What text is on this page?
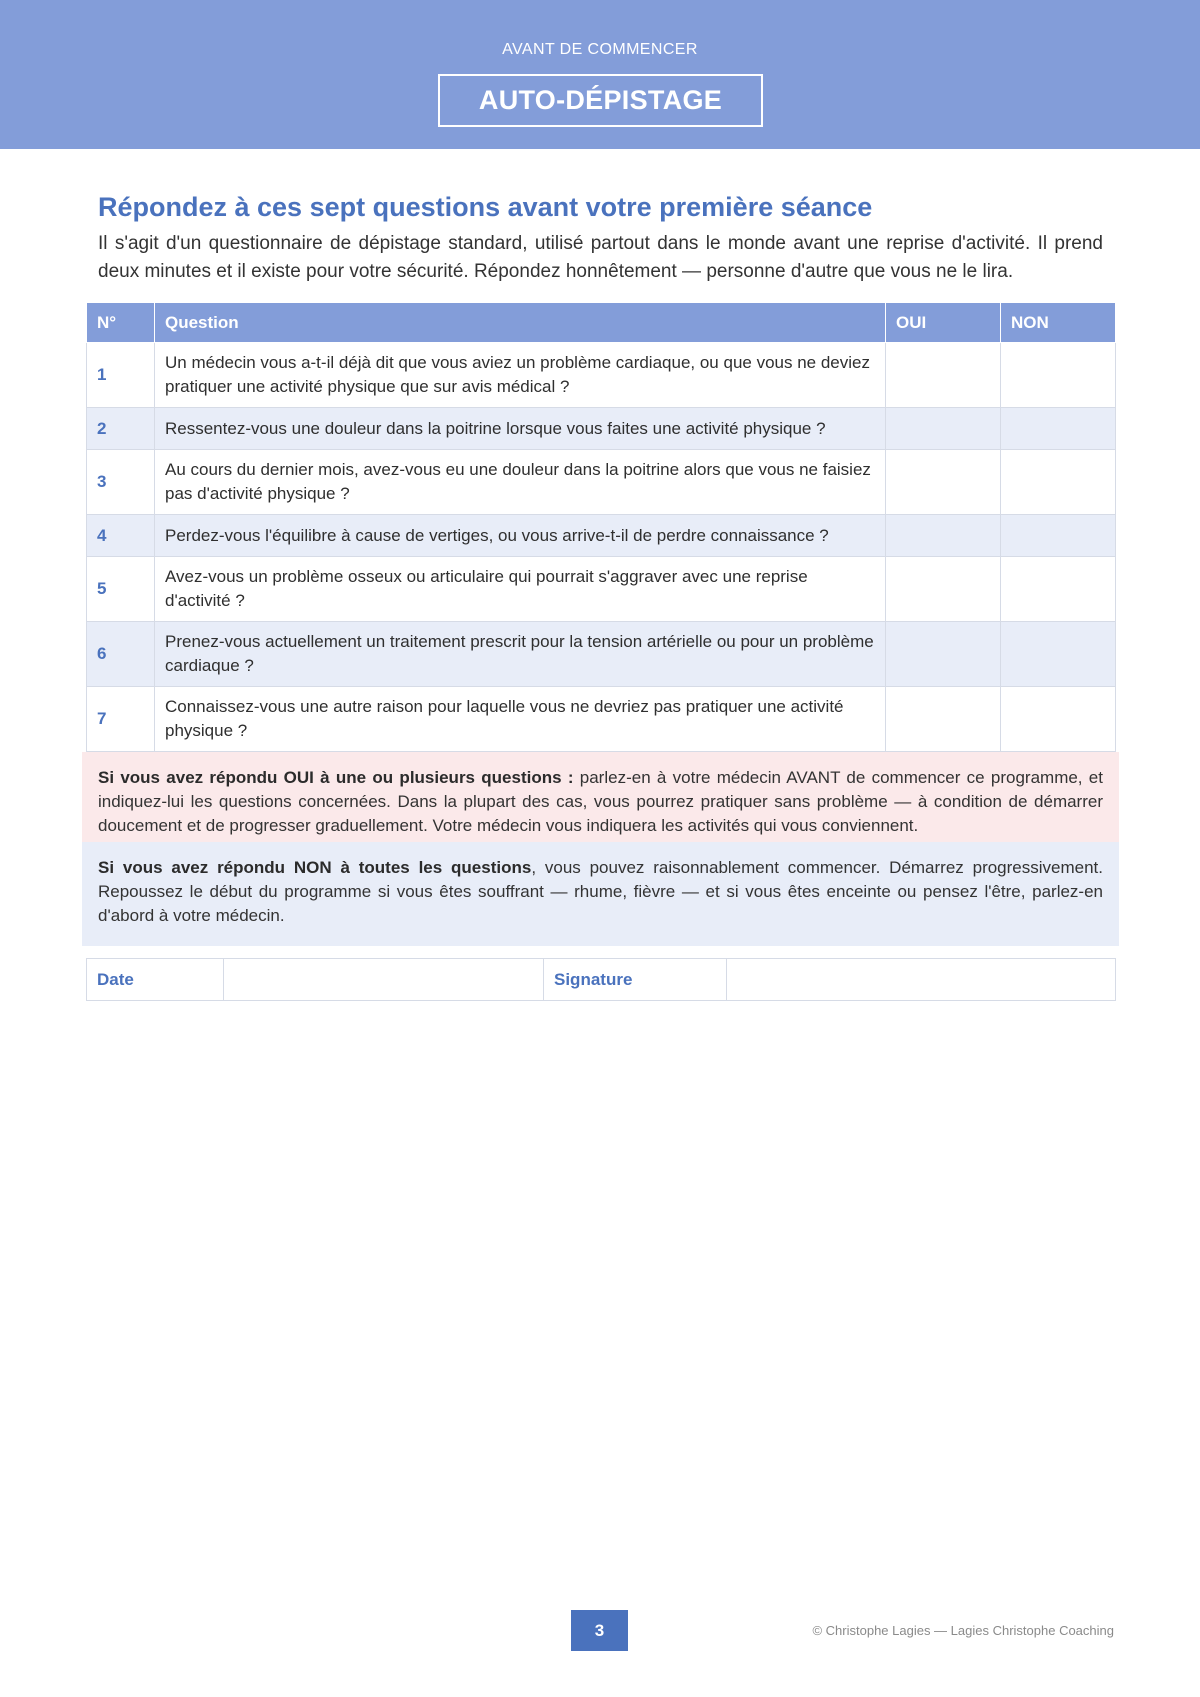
AVANT DE COMMENCER
AUTO-DÉPISTAGE
Répondez à ces sept questions avant votre première séance

Il s'agit d'un questionnaire de dépistage standard, utilisé partout dans le monde avant une reprise d'activité. Il prend deux minutes et il existe pour votre sécurité. Répondez honnêtement — personne d'autre que vous ne le lira.

N°	Question	OUI	NON
1	Un médecin vous a-t-il déjà dit que vous aviez un problème cardiaque, ou que vous ne deviez pratiquer une activité physique que sur avis médical ?		
2	Ressentez-vous une douleur dans la poitrine lorsque vous faites une activité physique ?		
3	Au cours du dernier mois, avez-vous eu une douleur dans la poitrine alors que vous ne faisiez pas d'activité physique ?		
4	Perdez-vous l'équilibre à cause de vertiges, ou vous arrive-t-il de perdre connaissance ?		
5	Avez-vous un problème osseux ou articulaire qui pourrait s'aggraver avec une reprise d'activité ?		
6	Prenez-vous actuellement un traitement prescrit pour la tension artérielle ou pour un problème cardiaque ?		
7	Connaissez-vous une autre raison pour laquelle vous ne devriez pas pratiquer une activité physique ?		
Si vous avez répondu OUI à une ou plusieurs questions : parlez-en à votre médecin AVANT de commencer ce programme, et indiquez-lui les questions concernées. Dans la plupart des cas, vous pourrez pratiquer sans problème — à condition de démarrer doucement et de progresser graduellement. Votre médecin vous indiquera les activités qui vous conviennent.
Si vous avez répondu NON à toutes les questions, vous pouvez raisonnablement commencer. Démarrez progressivement. Repoussez le début du programme si vous êtes souffrant — rhume, fièvre — et si vous êtes enceinte ou pensez l'être, parlez-en d'abord à votre médecin.
Date		Signature	
3	© Christophe Lagies — Lagies Christophe Coaching
